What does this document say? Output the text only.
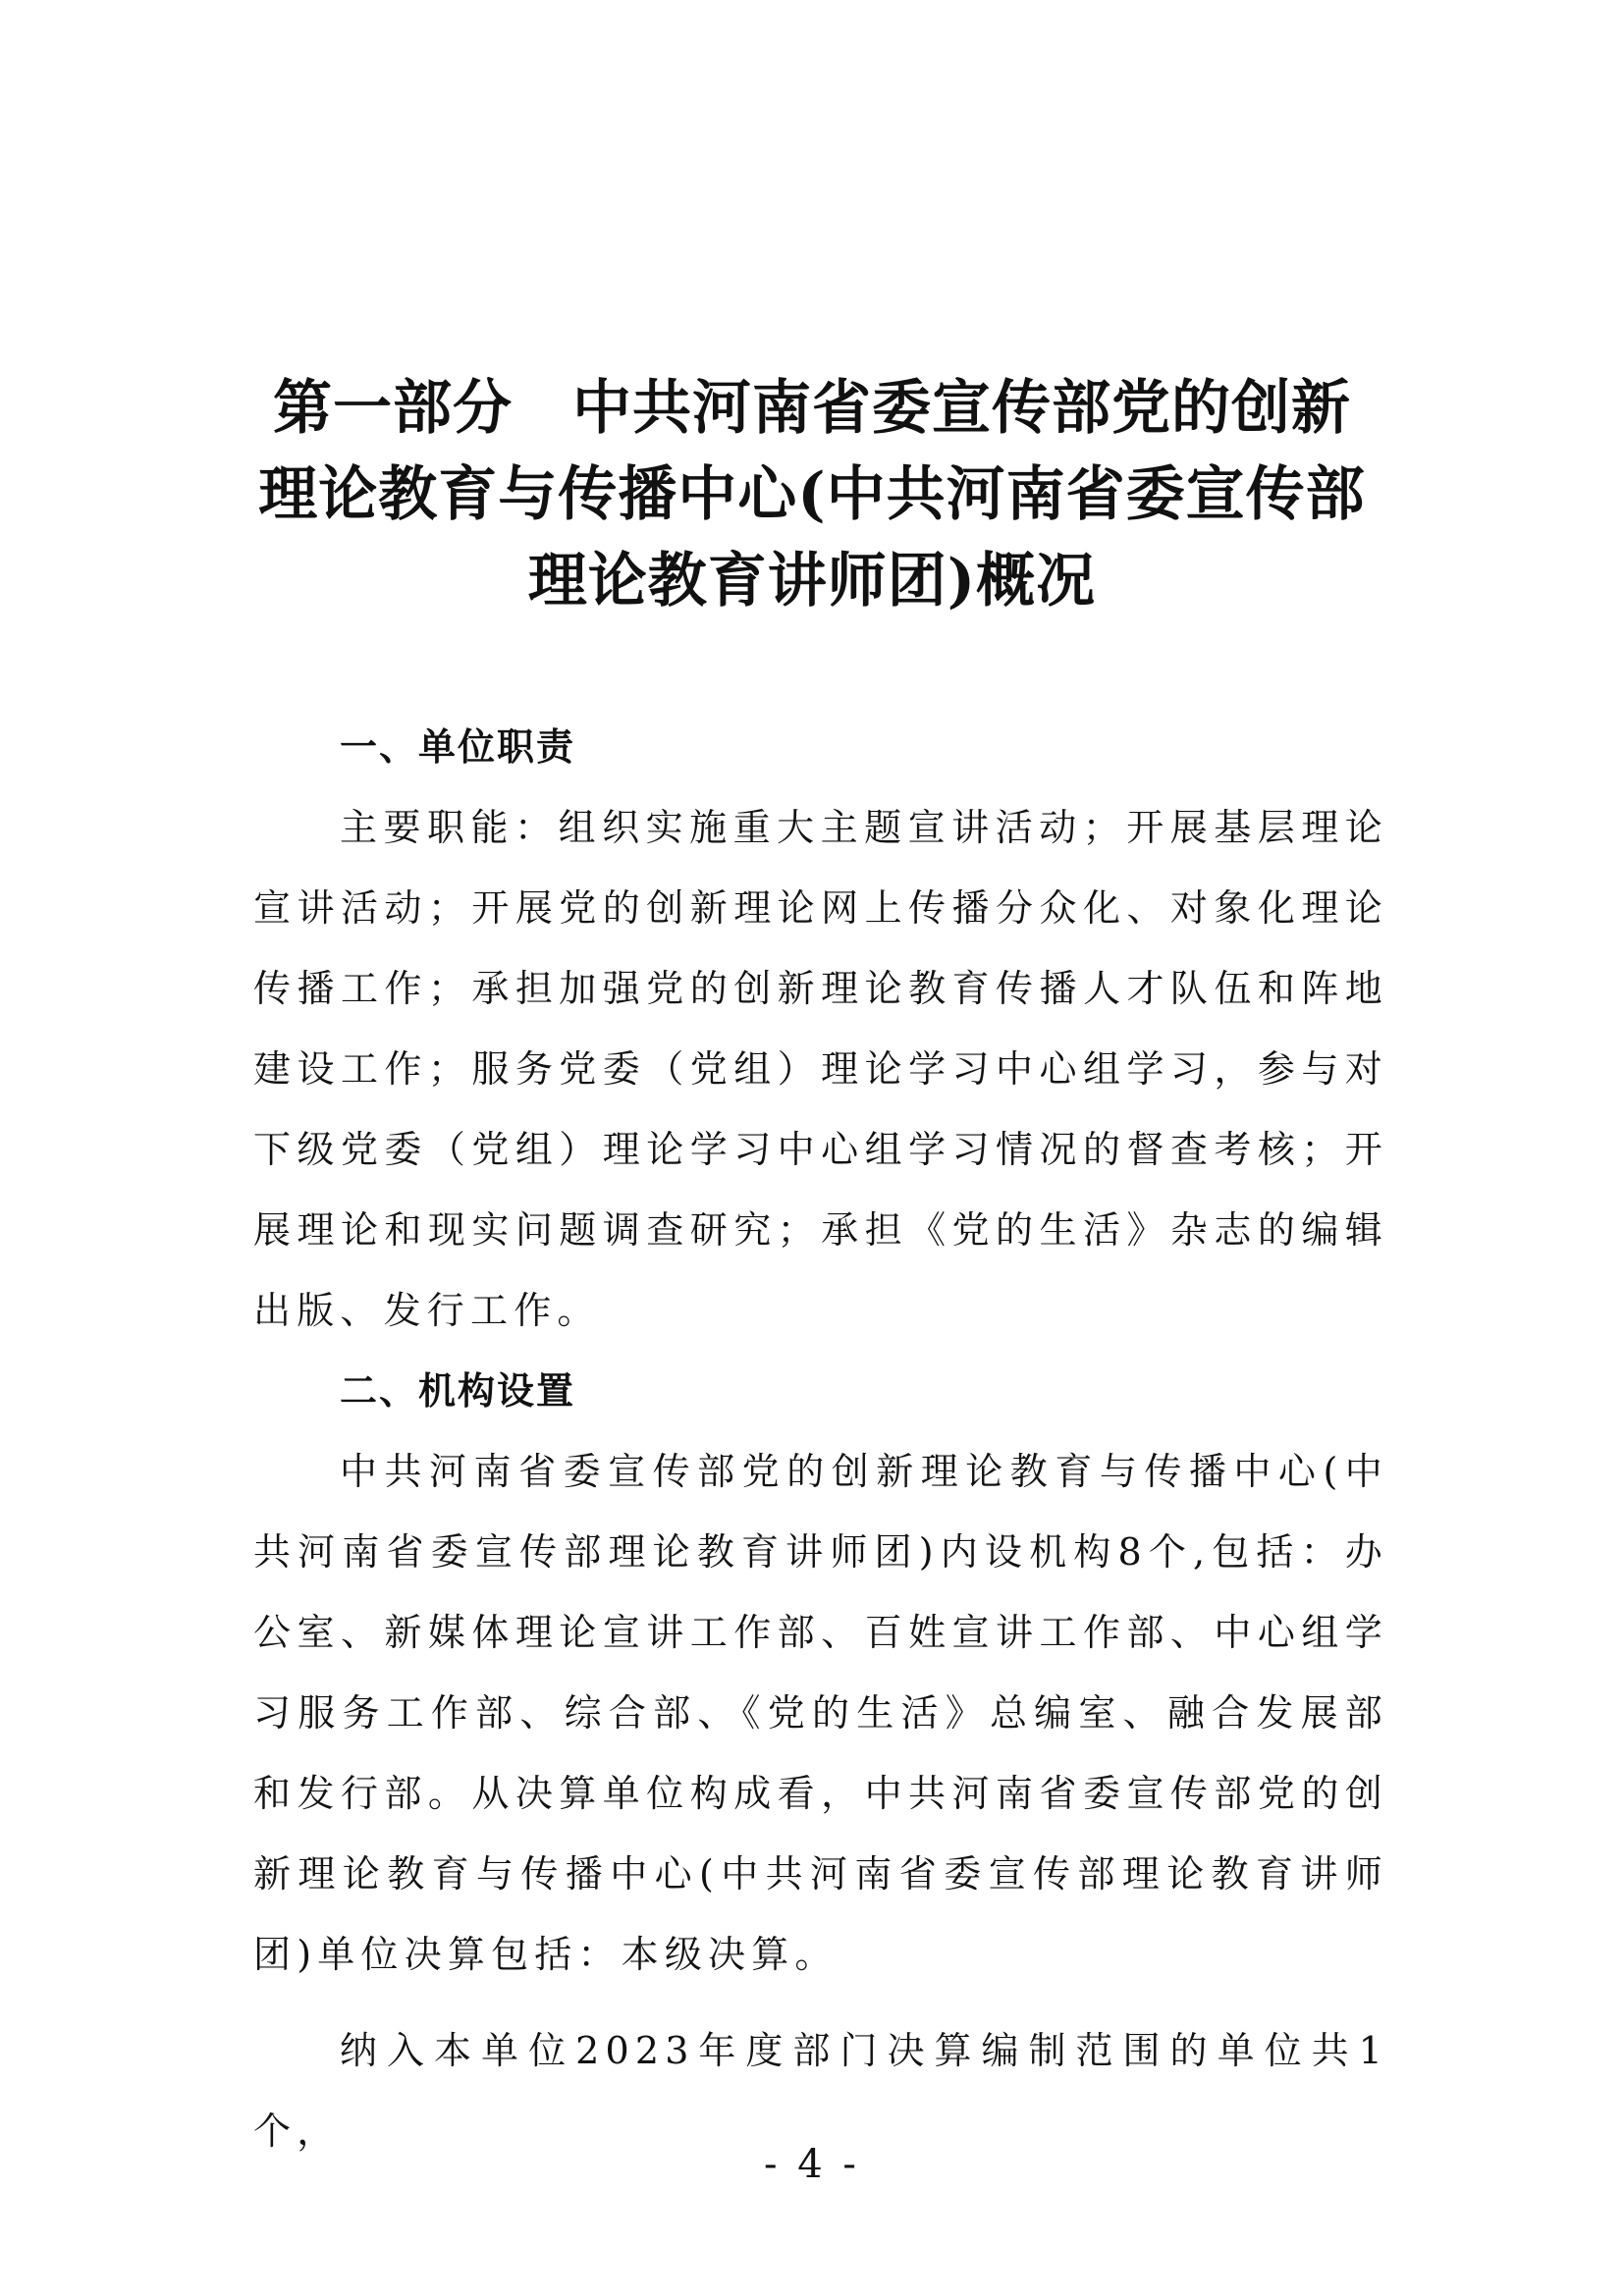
第一部分　中共河南省委宣传部党的创新
理论教育与传播中心(中共河南省委宣传部
理论教育讲师团)概况
一、单位职责

主要职能：组织实施重大主题宣讲活动；开展基层理论宣讲活动；开展党的创新理论网上传播分众化、对象化理论传播工作；承担加强党的创新理论教育传播人才队伍和阵地建设工作；服务党委（党组）理论学习中心组学习，参与对下级党委（党组）理论学习中心组学习情况的督查考核；开展理论和现实问题调查研究；承担《党的生活》杂志的编辑出版、发行工作。

二、机构设置

中共河南省委宣传部党的创新理论教育与传播中心(中共河南省委宣传部理论教育讲师团)内设机构8个,包括：办公室、新媒体理论宣讲工作部、百姓宣讲工作部、中心组学习服务工作部、综合部、《党的生活》总编室、融合发展部和发行部。从决算单位构成看，中共河南省委宣传部党的创新理论教育与传播中心(中共河南省委宣传部理论教育讲师团)单位决算包括：本级决算。

纳入本单位2023年度部门决算编制范围的单位共1个，

- 4 -
